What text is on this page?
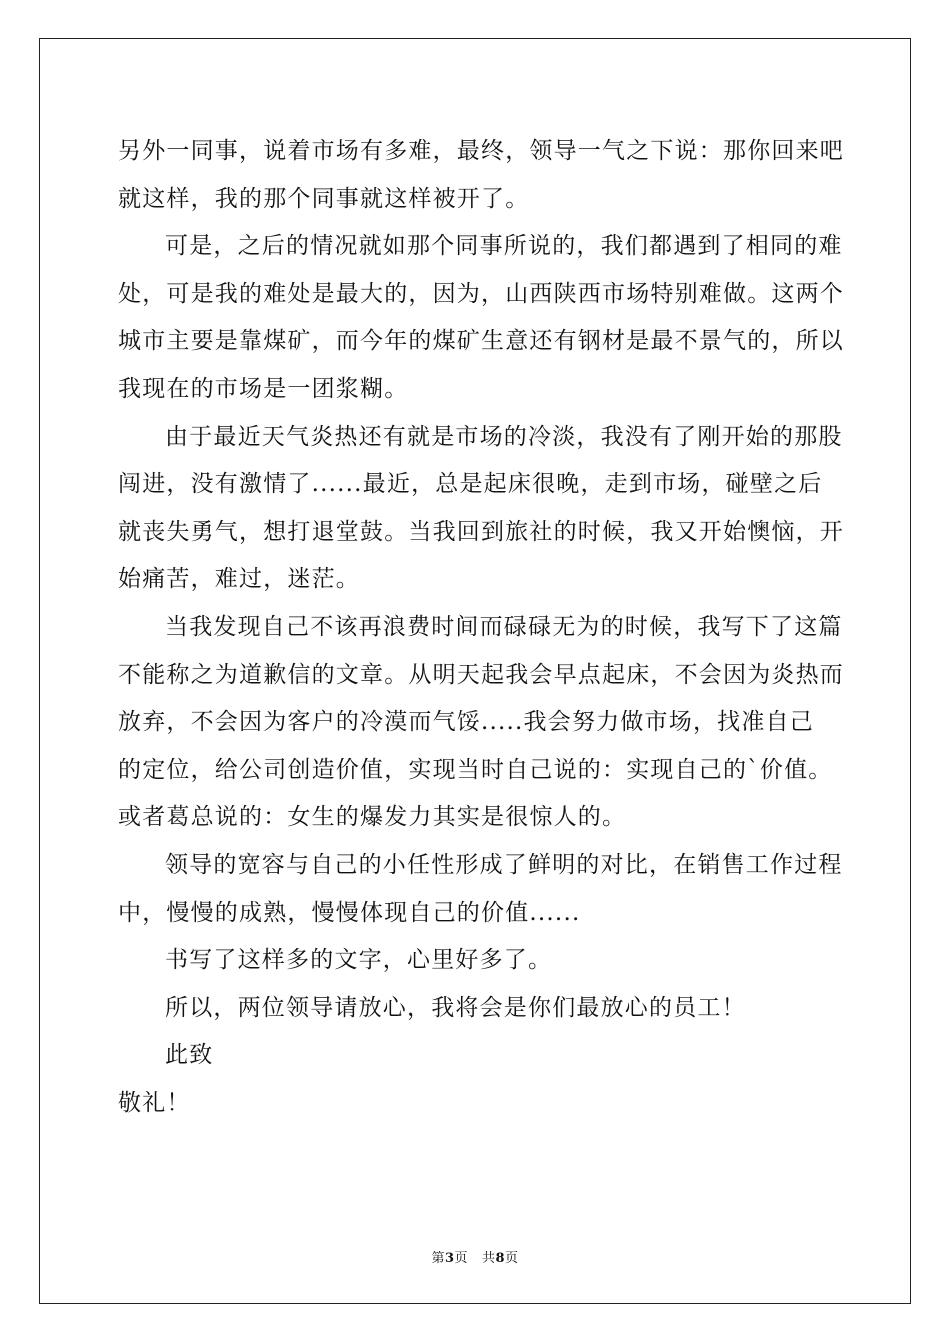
另外一同事，说着市场有多难，最终，领导一气之下说：那你回来吧
就这样，我的那个同事就这样被开了。
可是，之后的情况就如那个同事所说的，我们都遇到了相同的难
处，可是我的难处是最大的，因为，山西陕西市场特别难做。这两个
城市主要是靠煤矿，而今年的煤矿生意还有钢材是最不景气的，所以
我现在的市场是一团浆糊。
由于最近天气炎热还有就是市场的冷淡，我没有了刚开始的那股
闯进，没有激情了......最近，总是起床很晚，走到市场，碰壁之后
就丧失勇气，想打退堂鼓。当我回到旅社的时候，我又开始懊恼，开
始痛苦，难过，迷茫。
当我发现自己不该再浪费时间而碌碌无为的时候，我写下了这篇
不能称之为道歉信的文章。从明天起我会早点起床，不会因为炎热而
放弃，不会因为客户的冷漠而气馁.....我会努力做市场，找准自己
的定位，给公司创造价值，实现当时自己说的：实现自己的`价值。
或者葛总说的：女生的爆发力其实是很惊人的。
领导的宽容与自己的小任性形成了鲜明的对比，在销售工作过程
中，慢慢的成熟，慢慢体现自己的价值......
书写了这样多的文字，心里好多了。
所以，两位领导请放心，我将会是你们最放心的员工！
此致
敬礼！
第3页 共8页
